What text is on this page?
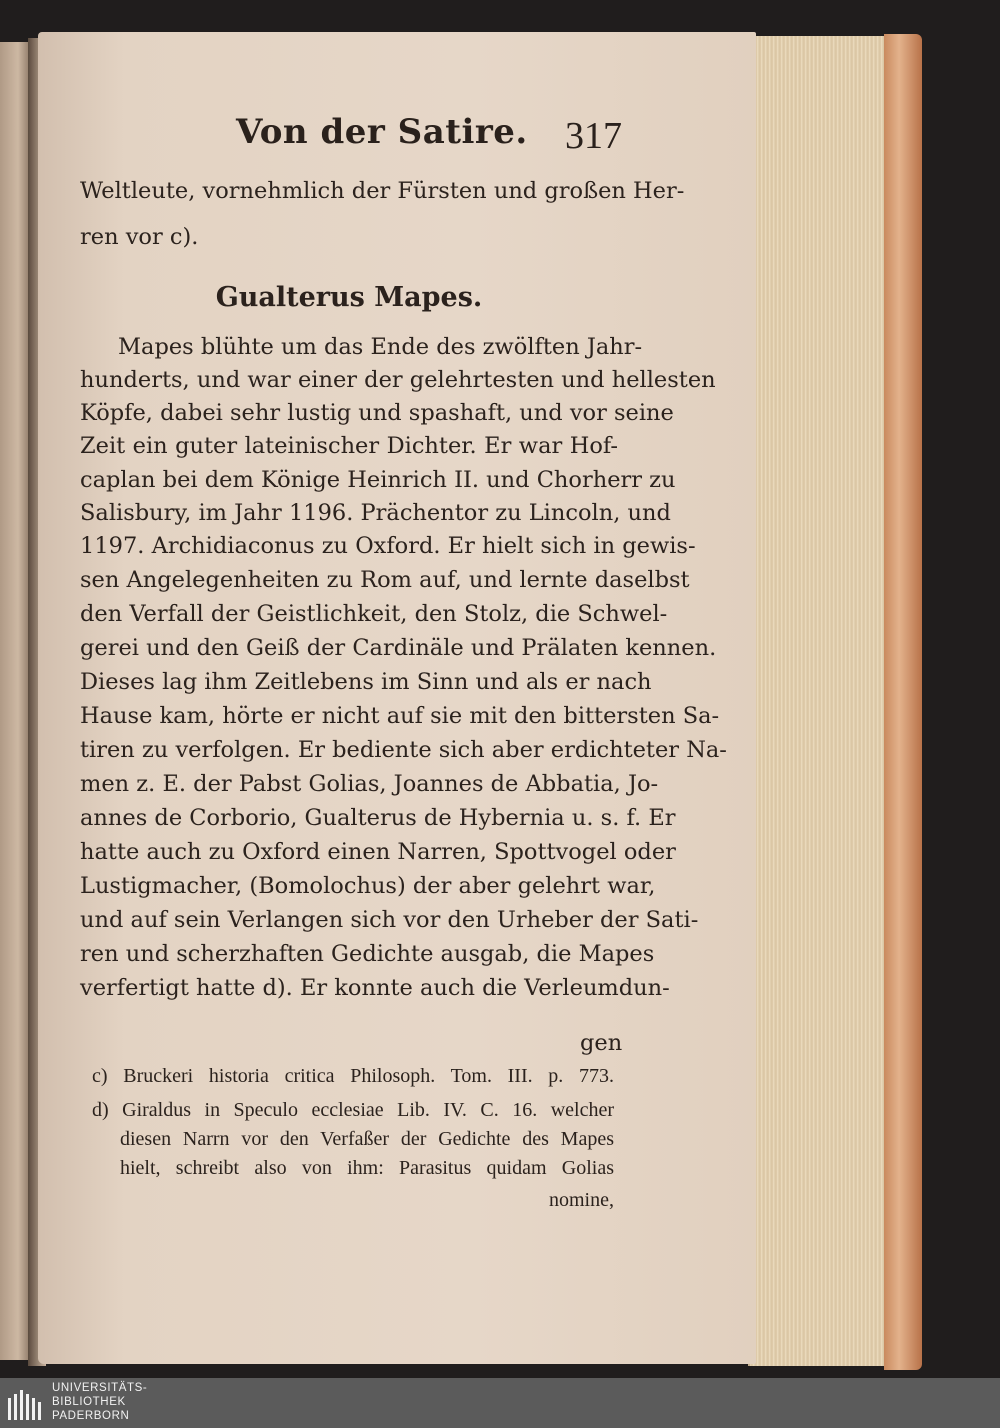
Von der Satire. 317
Weltleute, vornehmlich der Fürsten und großen Her-
ren vor c).
Gualterus Mapes.
Mapes blühte um das Ende des zwölften Jahr-
hunderts, und war einer der gelehrtesten und hellesten
Köpfe, dabei sehr lustig und spashaft, und vor seine
Zeit ein guter lateinischer Dichter. Er war Hof-
caplan bei dem Könige Heinrich II. und Chorherr zu
Salisbury, im Jahr 1196. Prächentor zu Lincoln, und
1197. Archidiaconus zu Oxford. Er hielt sich in gewis-
sen Angelegenheiten zu Rom auf, und lernte daselbst
den Verfall der Geistlichkeit, den Stolz, die Schwel-
gerei und den Geiß der Cardinäle und Prälaten kennen.
Dieses lag ihm Zeitlebens im Sinn und als er nach
Hause kam, hörte er nicht auf sie mit den bittersten Sa-
tiren zu verfolgen. Er bediente sich aber erdichteter Na-
men z. E. der Pabst Golias, Joannes de Abbatia, Jo-
annes de Corborio, Gualterus de Hybernia u. s. f. Er
hatte auch zu Oxford einen Narren, Spottvogel oder
Lustigmacher, (Bomolochus) der aber gelehrt war,
und auf sein Verlangen sich vor den Urheber der Sati-
ren und scherzhaften Gedichte ausgab, die Mapes
verfertigt hatte d). Er konnte auch die Verleumdun-
gen
c) Bruckeri historia critica Philosoph. Tom. III. p. 773.
d) Giraldus in Speculo ecclesiae Lib. IV. C. 16. welcher
diesen Narrn vor den Verfaßer der Gedichte des Mapes
hielt, schreibt also von ihm: Parasitus quidam Golias
nomine,
UNIVERSITÄTS-
BIBLIOTHEK
PADERBORN
